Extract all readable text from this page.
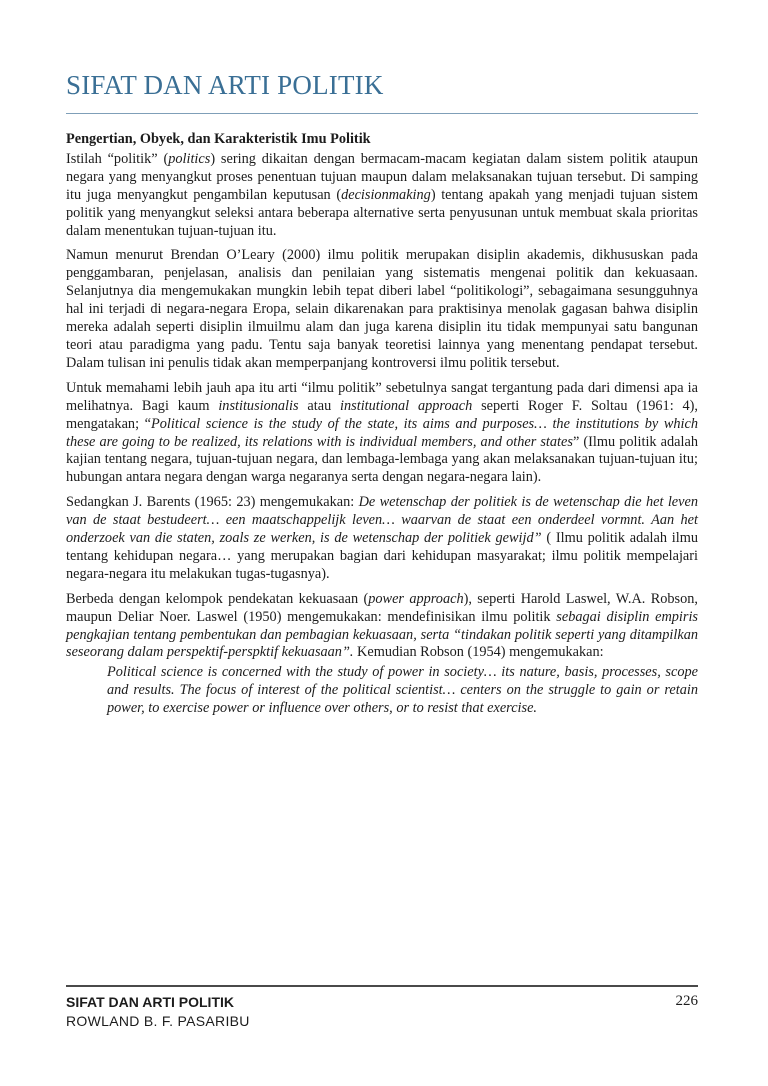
SIFAT DAN ARTI POLITIK

Pengertian, Obyek, dan Karakteristik Imu Politik

Istilah “politik” (politics) sering dikaitan dengan bermacam-macam kegiatan dalam sistem politik ataupun negara yang menyangkut proses penentuan tujuan maupun dalam melaksanakan tujuan tersebut. Di samping itu juga menyangkut pengambilan keputusan (decisionmaking) tentang apakah yang menjadi tujuan sistem politik yang menyangkut seleksi antara beberapa alternative serta penyusunan untuk membuat skala prioritas dalam menentukan tujuan-tujuan itu.

Namun menurut Brendan O’Leary (2000) ilmu politik merupakan disiplin akademis, dikhususkan pada penggambaran, penjelasan, analisis dan penilaian yang sistematis mengenai politik dan kekuasaan. Selanjutnya dia mengemukakan mungkin lebih tepat diberi label “politikologi”, sebagaimana sesungguhnya hal ini terjadi di negara-negara Eropa, selain dikarenakan para praktisinya menolak gagasan bahwa disiplin mereka adalah seperti disiplin ilmuilmu alam dan juga karena disiplin itu tidak mempunyai satu bangunan teori atau paradigma yang padu. Tentu saja banyak teoretisi lainnya yang menentang pendapat tersebut. Dalam tulisan ini penulis tidak akan memperpanjang kontroversi ilmu politik tersebut.

Untuk memahami lebih jauh apa itu arti “ilmu politik” sebetulnya sangat tergantung pada dari dimensi apa ia melihatnya. Bagi kaum institusionalis atau institutional approach seperti Roger F. Soltau (1961: 4), mengatakan; “Political science is the study of the state, its aims and purposes… the institutions by which these are going to be realized, its relations with is individual members, and other states” (Ilmu politik adalah kajian tentang negara, tujuan-tujuan negara, dan lembaga-lembaga yang akan melaksanakan tujuan-tujuan itu; hubungan antara negara dengan warga negaranya serta dengan negara-negara lain).

Sedangkan J. Barents (1965: 23) mengemukakan: De wetenschap der politiek is de wetenschap die het leven van de staat bestudeert… een maatschappelijk leven… waarvan de staat een onderdeel vormnt. Aan het onderzoek van die staten, zoals ze werken, is de wetenschap der politiek gewijd” ( Ilmu politik adalah ilmu tentang kehidupan negara… yang merupakan bagian dari kehidupan masyarakat; ilmu politik mempelajari negara-negara itu melakukan tugas-tugasnya).

Berbeda dengan kelompok pendekatan kekuasaan (power approach), seperti Harold Laswel, W.A. Robson, maupun Deliar Noer. Laswel (1950) mengemukakan: mendefinisikan ilmu politik sebagai disiplin empiris pengkajian tentang pembentukan dan pembagian kekuasaan, serta “tindakan politik seperti yang ditampilkan seseorang dalam perspektif-perspktif kekuasaan”. Kemudian Robson (1954) mengemukakan:

Political science is concerned with the study of power in society… its nature, basis, processes, scope and results. The focus of interest of the political scientist… centers on the struggle to gain or retain power, to exercise power or influence over others, or to resist that exercise.

SIFAT DAN ARTI POLITIK
ROWLAND B. F. PASARIBU
226
